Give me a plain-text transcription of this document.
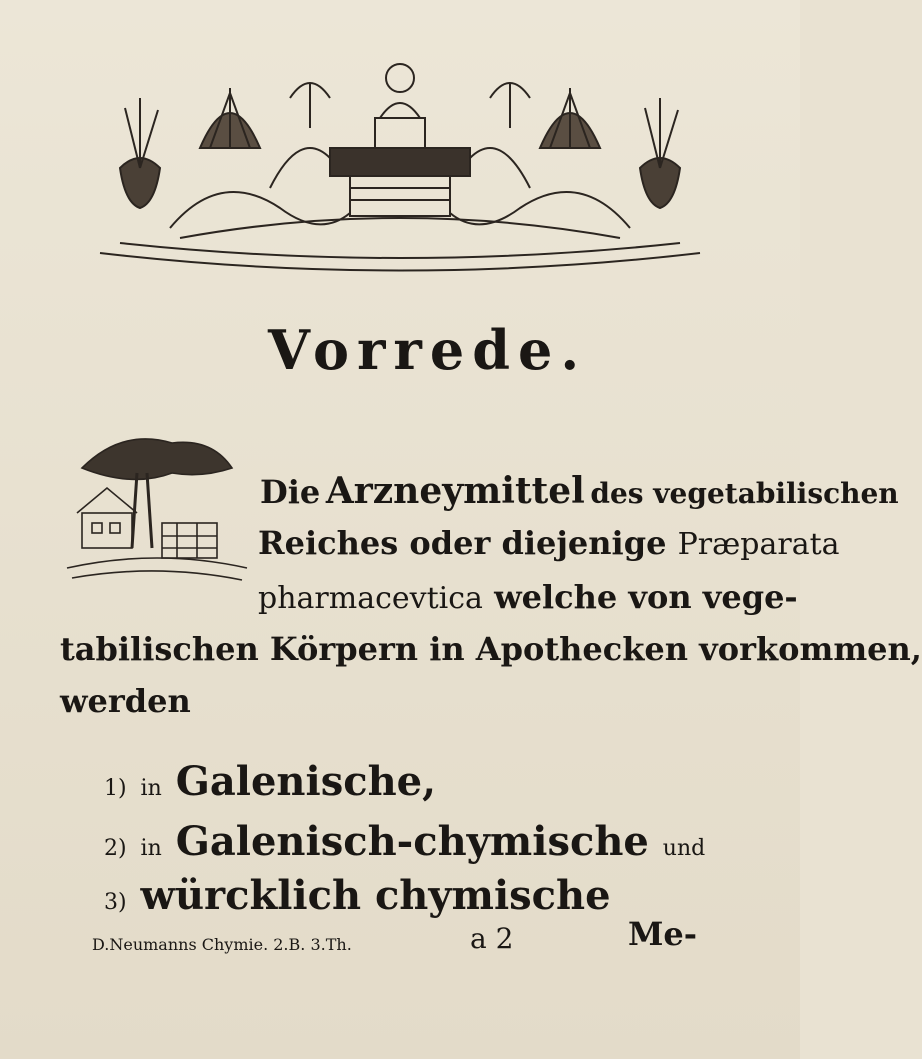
Vorrede.
Die Arzneymittel des vegetabilischen
Reiches oder diejenige Præparata
pharmacevtica welche von vege-
tabilischen Körpern in Apothecken vorkommen,
werden
1) in Galenische,
2) in Galenisch-chymische und
3) würcklich chymische
D.Neumanns Chymie. 2.B. 3.Th.	a 2	Me-
